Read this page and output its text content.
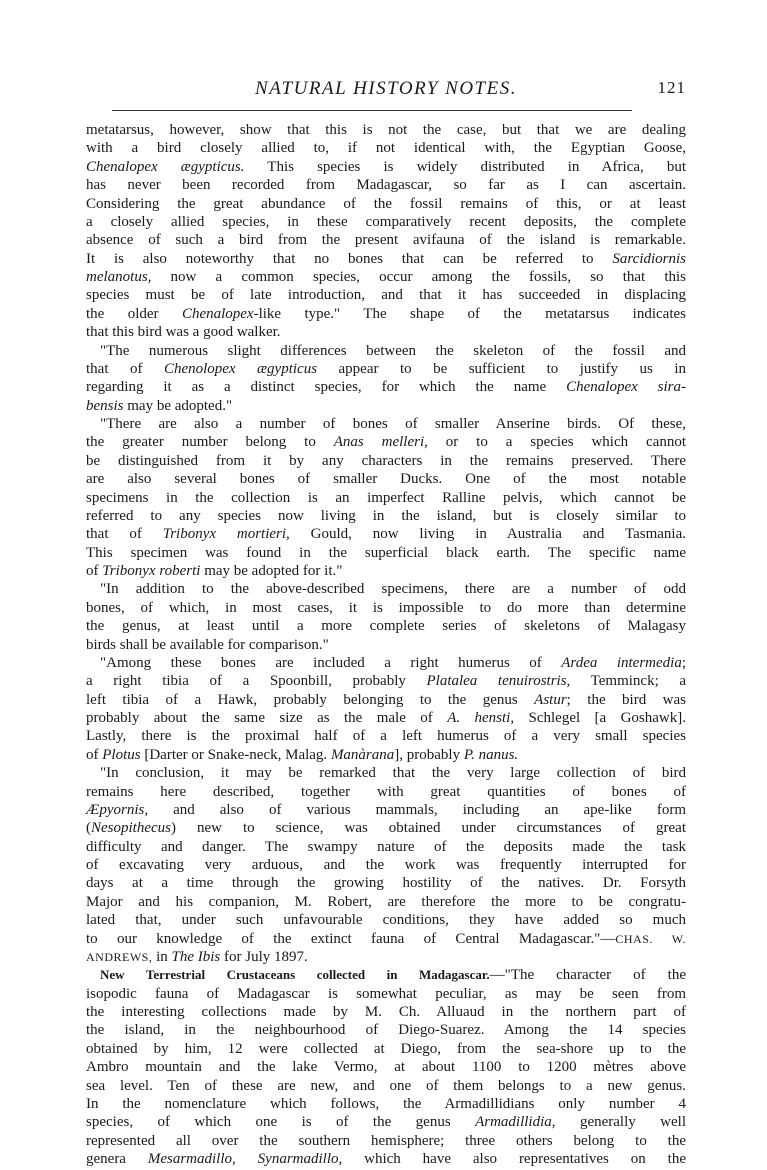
NATURAL HISTORY NOTES.	121
metatarsus, however, show that this is not the case, but that we are dealing
with a bird closely allied to, if not identical with, the Egyptian Goose,
Chenalopex ægypticus. This species is widely distributed in Africa, but
has never been recorded from Madagascar, so far as I can ascertain.
Considering the great abundance of the fossil remains of this, or at least
a closely allied species, in these comparatively recent deposits, the complete
absence of such a bird from the present avifauna of the island is remarkable.
It is also noteworthy that no bones that can be referred to Sarcidiornis
melanotus, now a common species, occur among the fossils, so that this
species must be of late introduction, and that it has succeeded in displacing
the older Chenalopex-like type." The shape of the metatarsus indicates
that this bird was a good walker.
"The numerous slight differences between the skeleton of the fossil and
that of Chenolopex ægypticus appear to be sufficient to justify us in
regarding it as a distinct species, for which the name Chenalopex sira-
bensis may be adopted."
"There are also a number of bones of smaller Anserine birds. Of these,
the greater number belong to Anas melleri, or to a species which cannot
be distinguished from it by any characters in the remains preserved. There
are also several bones of smaller Ducks. One of the most notable
specimens in the collection is an imperfect Ralline pelvis, which cannot be
referred to any species now living in the island, but is closely similar to
that of Tribonyx mortieri, Gould, now living in Australia and Tasmania.
This specimen was found in the superficial black earth. The specific name
of Tribonyx roberti may be adopted for it."
"In addition to the above-described specimens, there are a number of odd
bones, of which, in most cases, it is impossible to do more than determine
the genus, at least until a more complete series of skeletons of Malagasy
birds shall be available for comparison."
"Among these bones are included a right humerus of Ardea intermedia;
a right tibia of a Spoonbill, probably Platalea tenuirostris, Temminck; a
left tibia of a Hawk, probably belonging to the genus Astur; the bird was
probably about the same size as the male of A. hensti, Schlegel [a Goshawk].
Lastly, there is the proximal half of a left humerus of a very small species
of Plotus [Darter or Snake-neck, Malag. Manàrana], probably P. nanus.
"In conclusion, it may be remarked that the very large collection of bird
remains here described, together with great quantities of bones of
Æpyornis, and also of various mammals, including an ape-like form
(Nesopithecus) new to science, was obtained under circumstances of great
difficulty and danger. The swampy nature of the deposits made the task
of excavating very arduous, and the work was frequently interrupted for
days at a time through the growing hostility of the natives. Dr. Forsyth
Major and his companion, M. Robert, are therefore the more to be congratu-
lated that, under such unfavourable conditions, they have added so much
to our knowledge of the extinct fauna of Central Madagascar."—CHAS. W.
ANDREWS, in The Ibis for July 1897.
New Terrestrial Crustaceans collected in Madagascar.—"The character of the
isopodic fauna of Madagascar is somewhat peculiar, as may be seen from
the interesting collections made by M. Ch. Alluaud in the northern part of
the island, in the neighbourhood of Diego-Suarez. Among the 14 species
obtained by him, 12 were collected at Diego, from the sea-shore up to the
Ambro mountain and the lake Vermo, at about 1100 to 1200 mètres above
sea level. Ten of these are new, and one of them belongs to a new genus.
In the nomenclature which follows, the Armadillidians only number 4
species, of which one is of the genus Armadillidia, generally well
represented all over the southern hemisphere; three others belong to the
genera Mesarmadillo, Synarmadillo, which have also representatives on the
